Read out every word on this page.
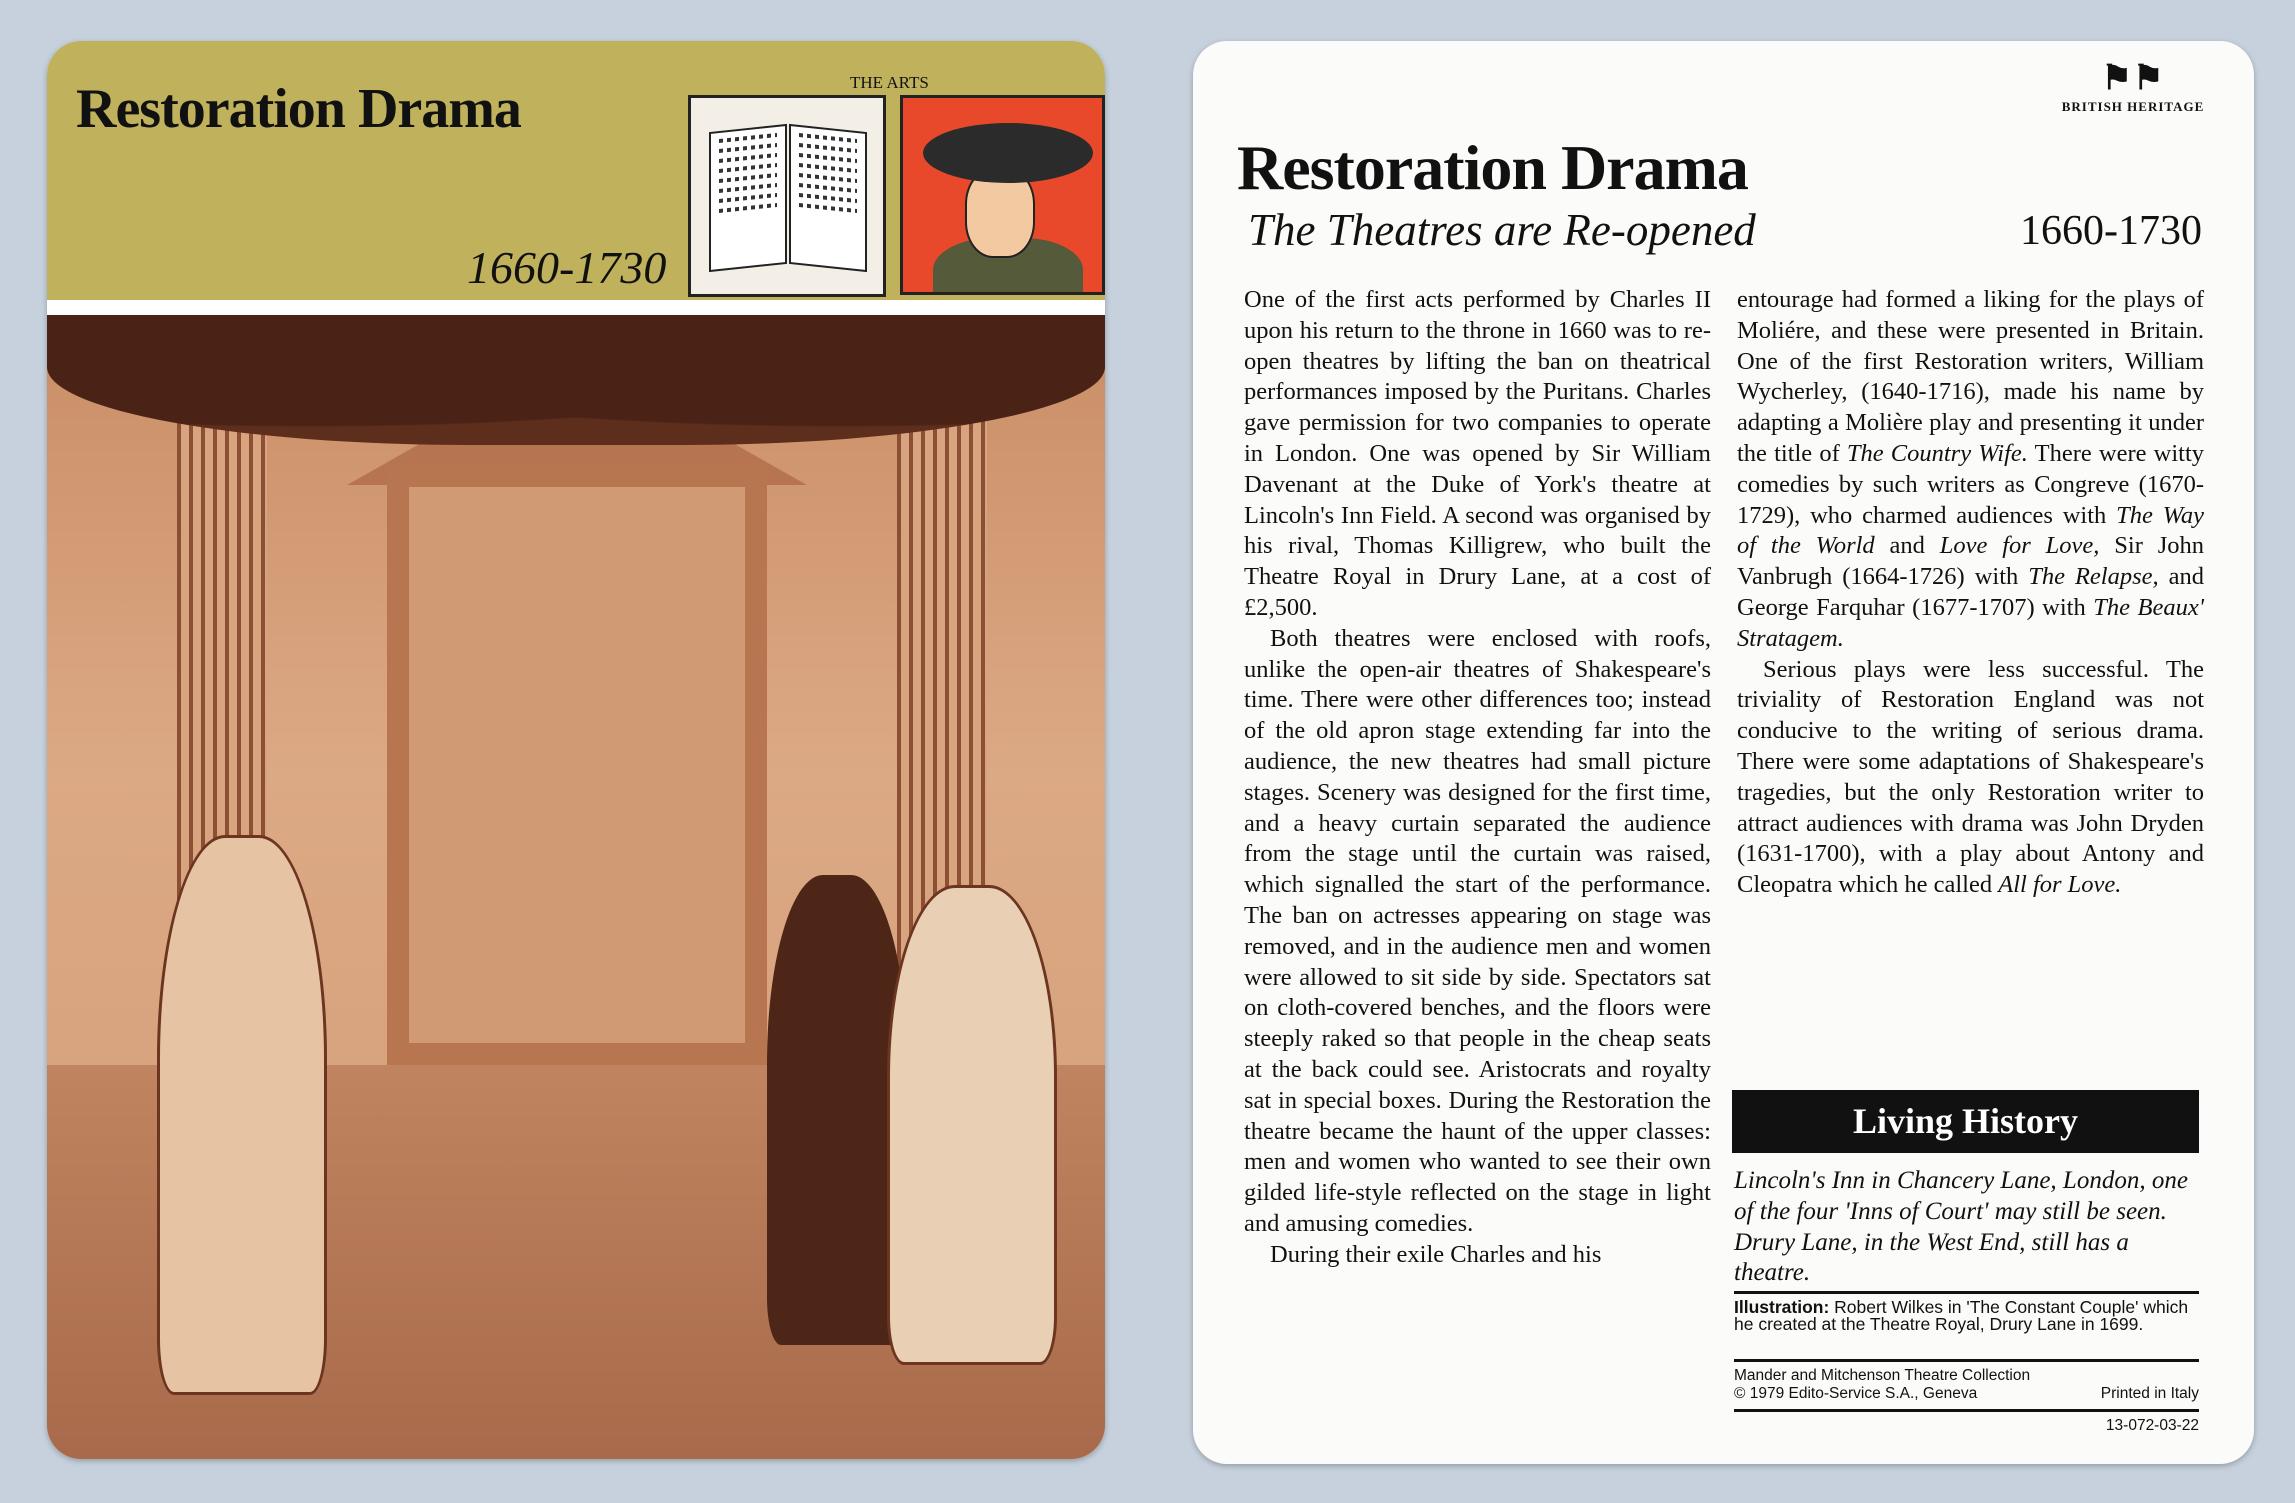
Restoration Drama	THE ARTS
1660-1730
⚑⚑
BRITISH HERITAGE
Restoration Drama
The Theatres are Re-opened	1660-1730

One of the first acts performed by Charles II upon his return to the throne in 1660 was to re-open theatres by lifting the ban on theatrical performances imposed by the Puritans. Charles gave permission for two companies to operate in London. One was opened by Sir William Davenant at the Duke of York's theatre at Lincoln's Inn Field. A second was organised by his rival, Thomas Killigrew, who built the Theatre Royal in Drury Lane, at a cost of £2,500.

Both theatres were enclosed with roofs, unlike the open-air theatres of Shakespeare's time. There were other differences too; instead of the old apron stage extending far into the audience, the new theatres had small picture stages. Scenery was designed for the first time, and a heavy curtain separated the audience from the stage until the curtain was raised, which signalled the start of the performance. The ban on actresses appearing on stage was removed, and in the audience men and women were allowed to sit side by side. Spectators sat on cloth-covered benches, and the floors were steeply raked so that people in the cheap seats at the back could see. Aristocrats and royalty sat in special boxes. During the Restoration the theatre became the haunt of the upper classes: men and women who wanted to see their own gilded life-style reflected on the stage in light and amusing comedies.

During their exile Charles and his

entourage had formed a liking for the plays of Moliére, and these were presented in Britain. One of the first Restoration writers, William Wycherley, (1640-1716), made his name by adapting a Molière play and presenting it under the title of The Country Wife. There were witty comedies by such writers as Congreve (1670-1729), who charmed audiences with The Way of the World and Love for Love, Sir John Vanbrugh (1664-1726) with The Relapse, and George Farquhar (1677-1707) with The Beaux' Stratagem.

Serious plays were less successful. The triviality of Restoration England was not conducive to the writing of serious drama. There were some adaptations of Shakespeare's tragedies, but the only Restoration writer to attract audiences with drama was John Dryden (1631-1700), with a play about Antony and Cleopatra which he called All for Love.

Living History
Lincoln's Inn in Chancery Lane, London, one of the four 'Inns of Court' may still be seen. Drury Lane, in the West End, still has a theatre.
Illustration: Robert Wilkes in 'The Constant Couple' which he created at the Theatre Royal, Drury Lane in 1699.
Mander and Mitchenson Theatre Collection
© 1979 Edito-Service S.A., Geneva	Printed in Italy
13-072-03-22
